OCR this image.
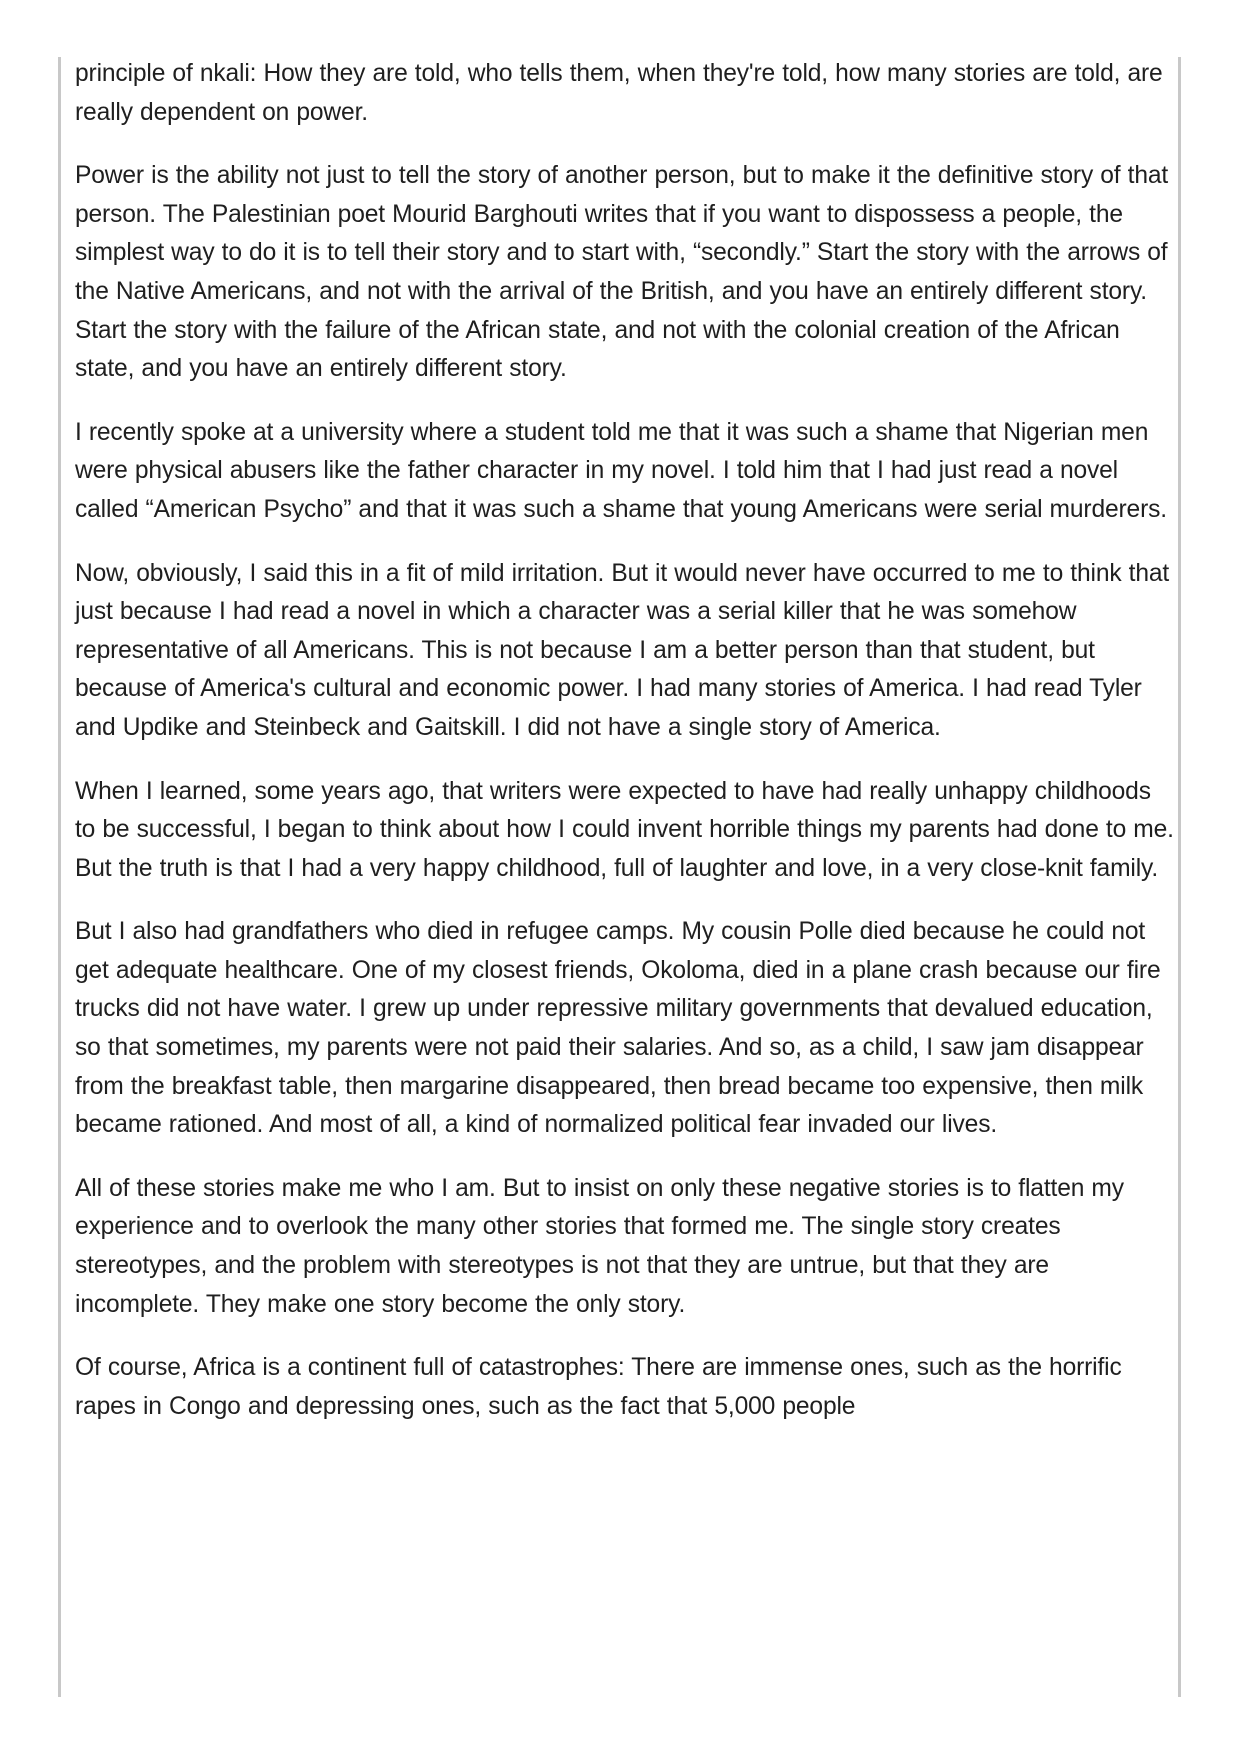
principle of nkali: How they are told, who tells them, when they're told, how many stories are told, are really dependent on power.

Power is the ability not just to tell the story of another person, but to make it the definitive story of that person. The Palestinian poet Mourid Barghouti writes that if you want to dispossess a people, the simplest way to do it is to tell their story and to start with, “secondly.” Start the story with the arrows of the Native Americans, and not with the arrival of the British, and you have an entirely different story. Start the story with the failure of the African state, and not with the colonial creation of the African state, and you have an entirely different story.

I recently spoke at a university where a student told me that it was such a shame that Nigerian men were physical abusers like the father character in my novel. I told him that I had just read a novel called “American Psycho” and that it was such a shame that young Americans were serial murderers.

Now, obviously, I said this in a fit of mild irritation. But it would never have occurred to me to think that just because I had read a novel in which a character was a serial killer that he was somehow representative of all Americans. This is not because I am a better person than that student, but because of America's cultural and economic power. I had many stories of America. I had read Tyler and Updike and Steinbeck and Gaitskill. I did not have a single story of America.

When I learned, some years ago, that writers were expected to have had really unhappy childhoods to be successful, I began to think about how I could invent horrible things my parents had done to me. But the truth is that I had a very happy childhood, full of laughter and love, in a very close-knit family.

But I also had grandfathers who died in refugee camps. My cousin Polle died because he could not get adequate healthcare. One of my closest friends, Okoloma, died in a plane crash because our fire trucks did not have water. I grew up under repressive military governments that devalued education, so that sometimes, my parents were not paid their salaries. And so, as a child, I saw jam disappear from the breakfast table, then margarine disappeared, then bread became too expensive, then milk became rationed. And most of all, a kind of normalized political fear invaded our lives.

All of these stories make me who I am. But to insist on only these negative stories is to flatten my experience and to overlook the many other stories that formed me. The single story creates stereotypes, and the problem with stereotypes is not that they are untrue, but that they are incomplete. They make one story become the only story.

Of course, Africa is a continent full of catastrophes: There are immense ones, such as the horrific rapes in Congo and depressing ones, such as the fact that 5,000 people
